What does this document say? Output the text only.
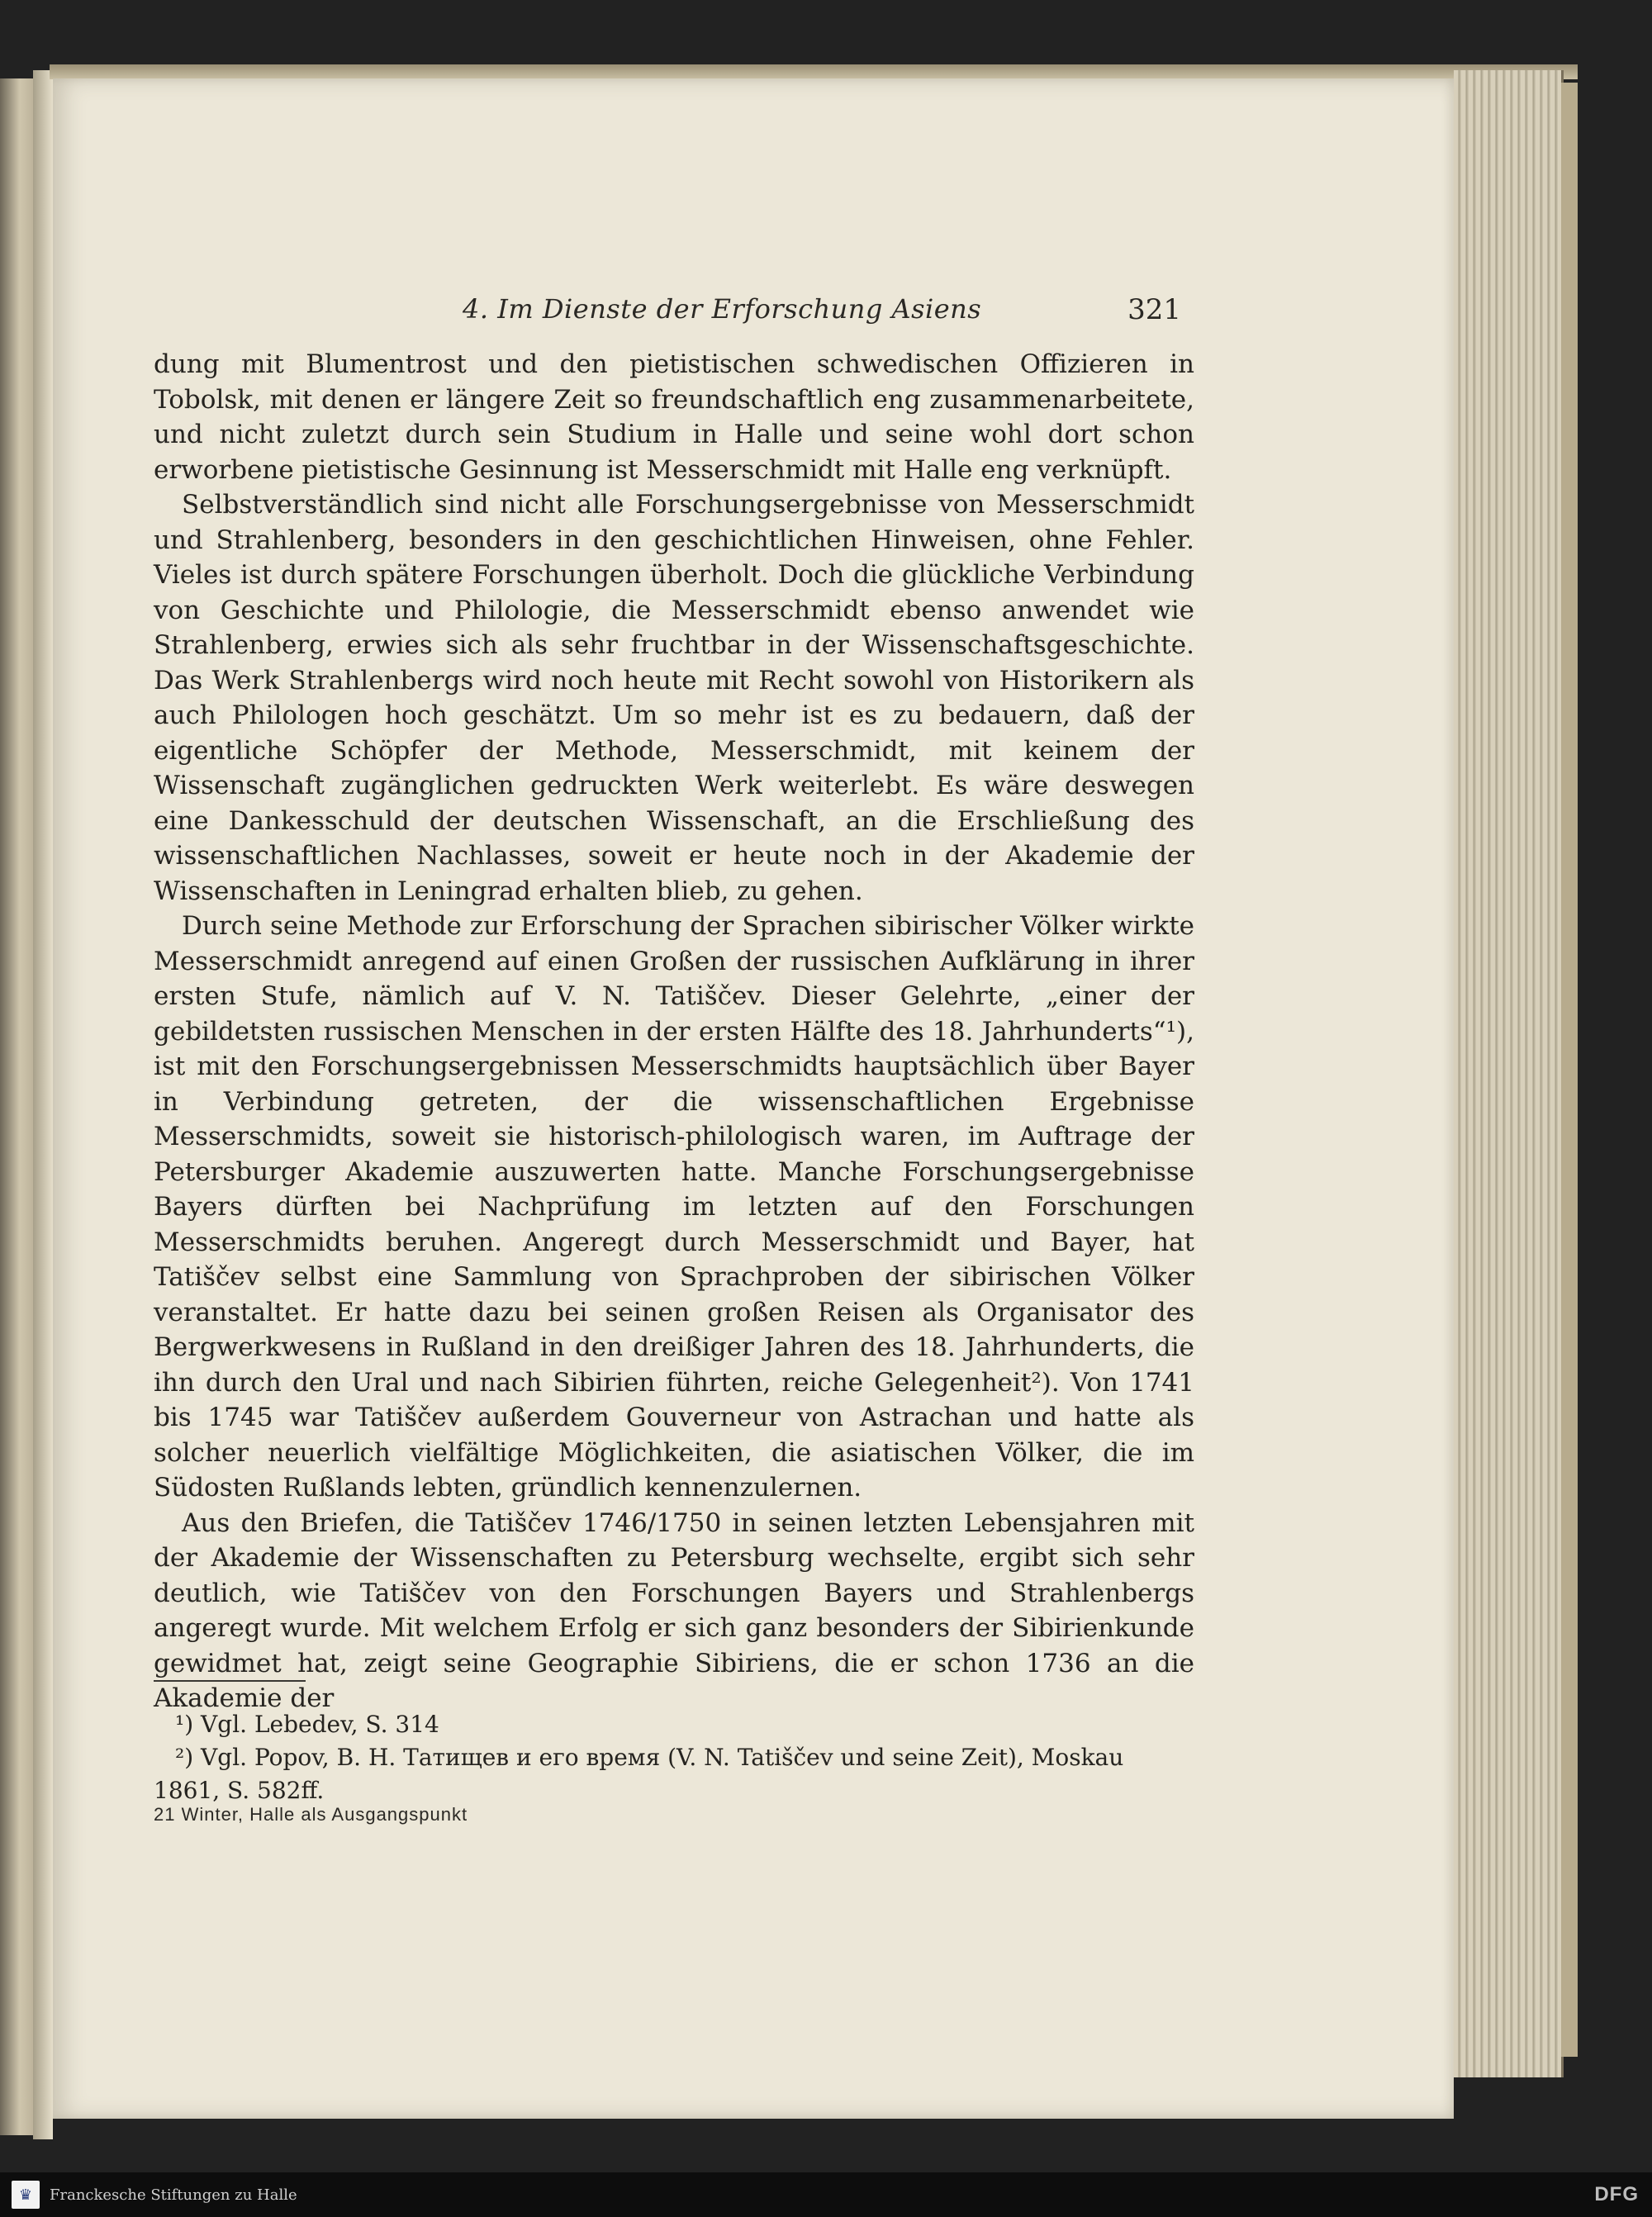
4. Im Dienste der Erforschung Asiens	321

dung mit Blumentrost und den pietistischen schwedischen Offizieren in Tobolsk, mit denen er längere Zeit so freundschaftlich eng zusammenarbeitete, und nicht zuletzt durch sein Studium in Halle und seine wohl dort schon erworbene pietistische Gesinnung ist Messerschmidt mit Halle eng verknüpft.

Selbstverständlich sind nicht alle Forschungsergebnisse von Messerschmidt und Strahlenberg, besonders in den geschichtlichen Hinweisen, ohne Fehler. Vieles ist durch spätere Forschungen überholt. Doch die glückliche Verbindung von Geschichte und Philologie, die Messerschmidt ebenso anwendet wie Strahlenberg, erwies sich als sehr fruchtbar in der Wissenschaftsgeschichte. Das Werk Strahlenbergs wird noch heute mit Recht sowohl von Historikern als auch Philologen hoch geschätzt. Um so mehr ist es zu bedauern, daß der eigentliche Schöpfer der Methode, Messerschmidt, mit keinem der Wissenschaft zugänglichen gedruckten Werk weiterlebt. Es wäre deswegen eine Dankesschuld der deutschen Wissenschaft, an die Erschließung des wissenschaftlichen Nachlasses, soweit er heute noch in der Akademie der Wissenschaften in Leningrad erhalten blieb, zu gehen.

Durch seine Methode zur Erforschung der Sprachen sibirischer Völker wirkte Messerschmidt anregend auf einen Großen der russischen Aufklärung in ihrer ersten Stufe, nämlich auf V. N. Tatiščev. Dieser Gelehrte, „einer der gebildetsten russischen Menschen in der ersten Hälfte des 18. Jahrhunderts“¹), ist mit den Forschungsergebnissen Messerschmidts hauptsächlich über Bayer in Verbindung getreten, der die wissenschaftlichen Ergebnisse Messerschmidts, soweit sie historisch-philologisch waren, im Auftrage der Petersburger Akademie auszuwerten hatte. Manche Forschungsergebnisse Bayers dürften bei Nachprüfung im letzten auf den Forschungen Messerschmidts beruhen. Angeregt durch Messerschmidt und Bayer, hat Tatiščev selbst eine Sammlung von Sprachproben der sibirischen Völker veranstaltet. Er hatte dazu bei seinen großen Reisen als Organisator des Bergwerkwesens in Rußland in den dreißiger Jahren des 18. Jahrhunderts, die ihn durch den Ural und nach Sibirien führten, reiche Gelegenheit²). Von 1741 bis 1745 war Tatiščev außerdem Gouverneur von Astrachan und hatte als solcher neuerlich vielfältige Möglichkeiten, die asiatischen Völker, die im Südosten Rußlands lebten, gründlich kennenzulernen.

Aus den Briefen, die Tatiščev 1746/1750 in seinen letzten Lebensjahren mit der Akademie der Wissenschaften zu Petersburg wechselte, ergibt sich sehr deutlich, wie Tatiščev von den Forschungen Bayers und Strahlenbergs angeregt wurde. Mit welchem Erfolg er sich ganz besonders der Sibirienkunde gewidmet hat, zeigt seine Geographie Sibiriens, die er schon 1736 an die Akademie der

¹) Vgl. Lebedev, S. 314

²) Vgl. Popov, В. Н. Татищев и его время (V. N. Tatiščev und seine Zeit), Moskau 1861, S. 582ff.

21 Winter, Halle als Ausgangspunkt
♛	Franckesche Stiftungen zu Halle	DFG
